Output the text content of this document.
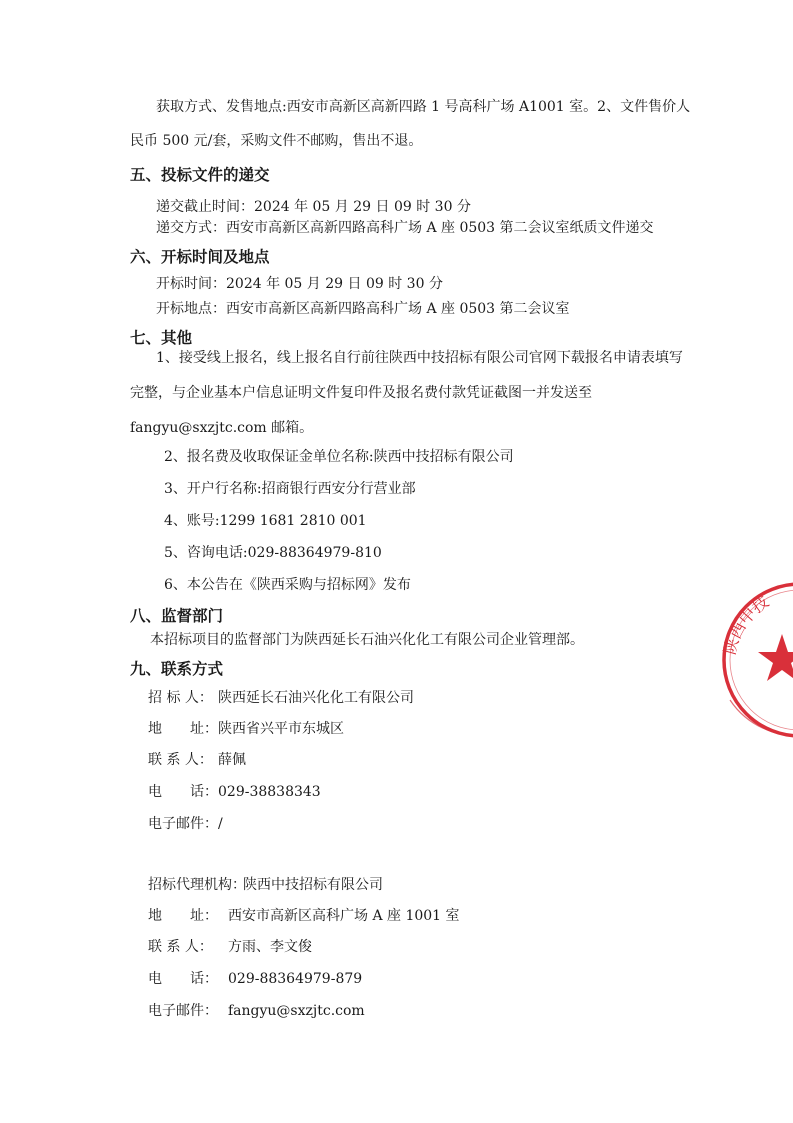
获取方式、发售地点:西安市高新区高新四路 1 号高科广场 A1001 室。2、文件售价人
民币 500 元/套，采购文件不邮购，售出不退。
五、投标文件的递交
递交截止时间：2024 年 05 月 29 日 09 时 30 分
递交方式：西安市高新区高新四路高科广场 A 座 0503 第二会议室纸质文件递交
六、开标时间及地点
开标时间：2024 年 05 月 29 日 09 时 30 分
开标地点：西安市高新区高新四路高科广场 A 座 0503 第二会议室
七、其他
1、接受线上报名，线上报名自行前往陕西中技招标有限公司官网下载报名申请表填写
完整，与企业基本户信息证明文件复印件及报名费付款凭证截图一并发送至
fangyu@sxzjtc.com 邮箱。
2、报名费及收取保证金单位名称:陕西中技招标有限公司
3、开户行名称:招商银行西安分行营业部
4、账号:1299 1681 2810 001
5、咨询电话:029-88364979-810
6、本公告在《陕西采购与招标网》发布
八、监督部门
本招标项目的监督部门为陕西延长石油兴化化工有限公司企业管理部。
九、联系方式
招 标 人： 陕西延长石油兴化化工有限公司
地　　址：陕西省兴平市东城区
联 系 人： 薛佩
电　　话：029-38838343
电子邮件：/
招标代理机构：陕西中技招标有限公司
地　　址： 西安市高新区高科广场 A 座 1001 室
联 系 人： 方雨、李文俊
电　　话： 029-88364979-879
电子邮件： fangyu@sxzjtc.com
陕西中技
